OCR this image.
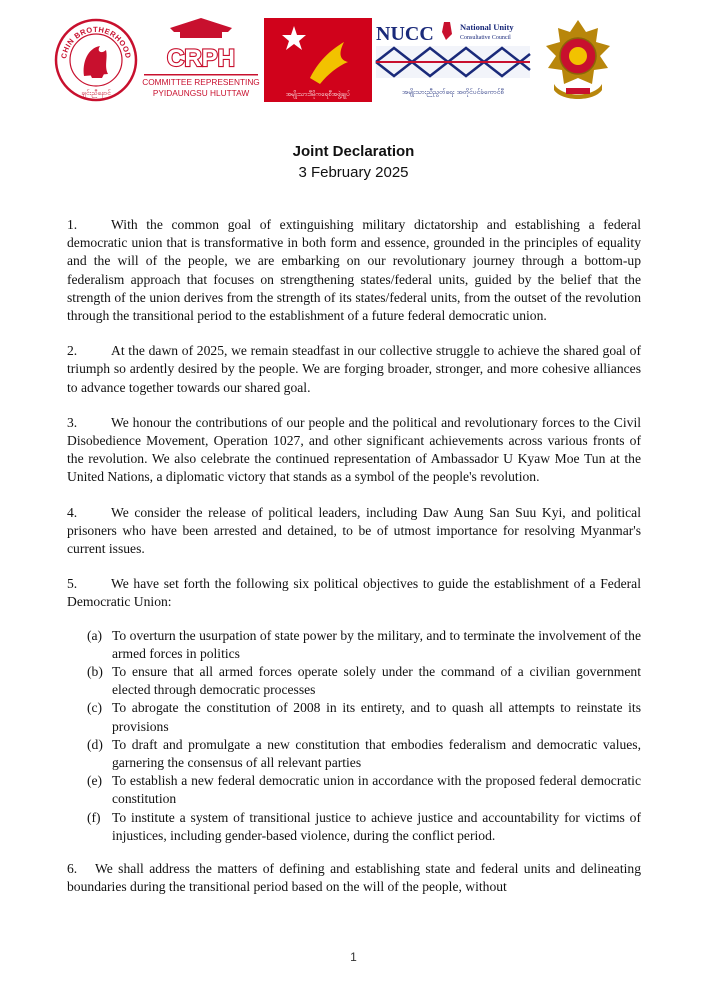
CHIN BROTHERHOOD
ချင်းညီနောင်
CRPH
COMMITTEE REPRESENTING
PYIDAUNGSU HLUTTAW	အမျိုးသားဒီမိုကရေစီအဖွဲ့ချုပ်
NUCC	National Unity
Consultative Council
အမျိုးသားညီညွတ်ရေး အတိုင်ပင်ခံကောင်စီ
Joint Declaration
3 February 2025

1. With the common goal of extinguishing military dictatorship and establishing a federal democratic union that is transformative in both form and essence, grounded in the principles of equality and the will of the people, we are embarking on our revolutionary journey through a bottom-up federalism approach that focuses on strengthening states/federal units, guided by the belief that the strength of the union derives from the strength of its states/federal units, from the outset of the revolution through the transitional period to the establishment of a future federal democratic union.

2. At the dawn of 2025, we remain steadfast in our collective struggle to achieve the shared goal of triumph so ardently desired by the people. We are forging broader, stronger, and more cohesive alliances to advance together towards our shared goal.

3. We honour the contributions of our people and the political and revolutionary forces to the Civil Disobedience Movement, Operation 1027, and other significant achievements across various fronts of the revolution. We also celebrate the continued representation of Ambassador U Kyaw Moe Tun at the United Nations, a diplomatic victory that stands as a symbol of the people's revolution.

4. We consider the release of political leaders, including Daw Aung San Suu Kyi, and political prisoners who have been arrested and detained, to be of utmost importance for resolving Myanmar's current issues.

5. We have set forth the following six political objectives to guide the establishment of a Federal Democratic Union:

(a) To overturn the usurpation of state power by the military, and to terminate the involvement of the armed forces in politics
(b) To ensure that all armed forces operate solely under the command of a civilian government elected through democratic processes
(c) To abrogate the constitution of 2008 in its entirety, and to quash all attempts to reinstate its provisions
(d) To draft and promulgate a new constitution that embodies federalism and democratic values, garnering the consensus of all relevant parties
(e) To establish a new federal democratic union in accordance with the proposed federal democratic constitution
(f) To institute a system of transitional justice to achieve justice and accountability for victims of injustices, including gender-based violence, during the conflict period.

6. We shall address the matters of defining and establishing state and federal units and delineating boundaries during the transitional period based on the will of the people, without

1
